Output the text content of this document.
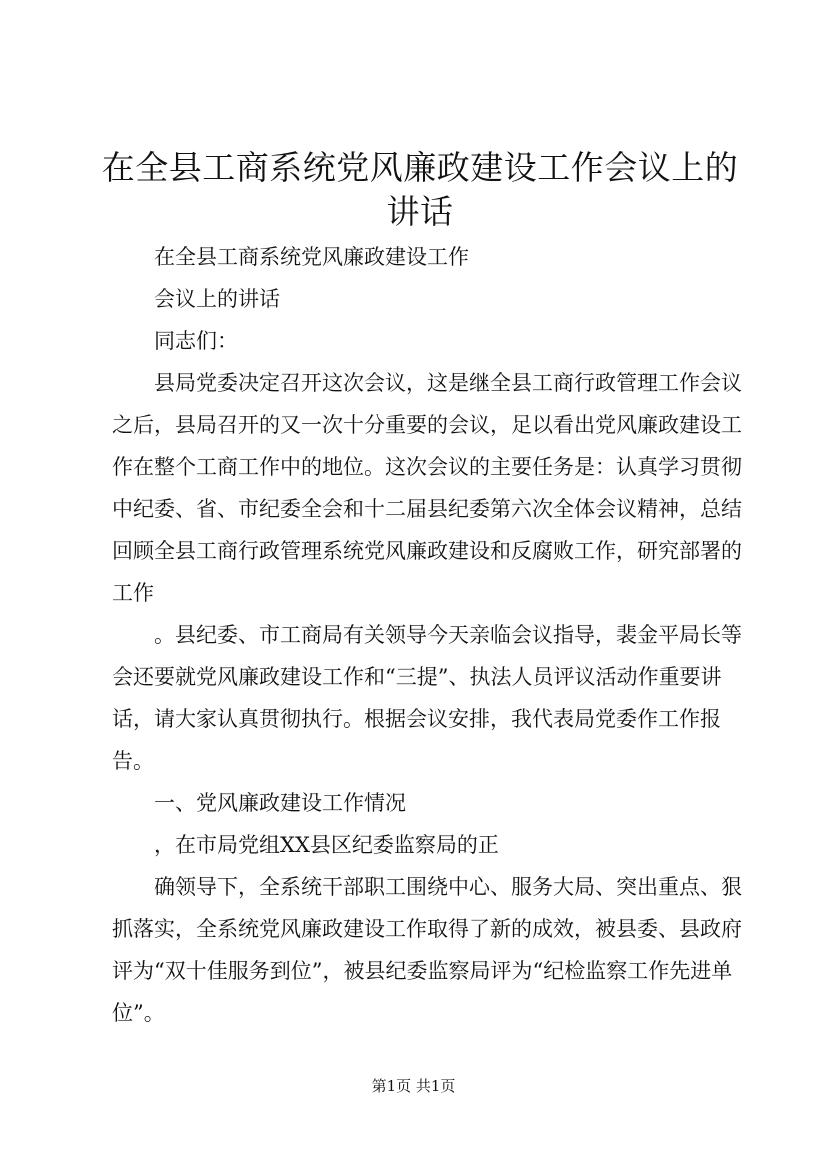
在全县工商系统党风廉政建设工作会议上的讲话

在全县工商系统党风廉政建设工作

会议上的讲话

同志们：

县局党委决定召开这次会议，这是继全县工商行政管理工作会议之后，县局召开的又一次十分重要的会议，足以看出党风廉政建设工作在整个工商工作中的地位。这次会议的主要任务是：认真学习贯彻中纪委、省、市纪委全会和十二届县纪委第六次全体会议精神，总结回顾全县工商行政管理系统党风廉政建设和反腐败工作，研究部署的工作

。县纪委、市工商局有关领导今天亲临会议指导，裴金平局长等会还要就党风廉政建设工作和“三提”、执法人员评议活动作重要讲话，请大家认真贯彻执行。根据会议安排，我代表局党委作工作报告。

一、党风廉政建设工作情况

，在市局党组XX县区纪委监察局的正

确领导下，全系统干部职工围绕中心、服务大局、突出重点、狠抓落实，全系统党风廉政建设工作取得了新的成效，被县委、县政府评为“双十佳服务到位”，被县纪委监察局评为“纪检监察工作先进单位”。

第1页 共1页
